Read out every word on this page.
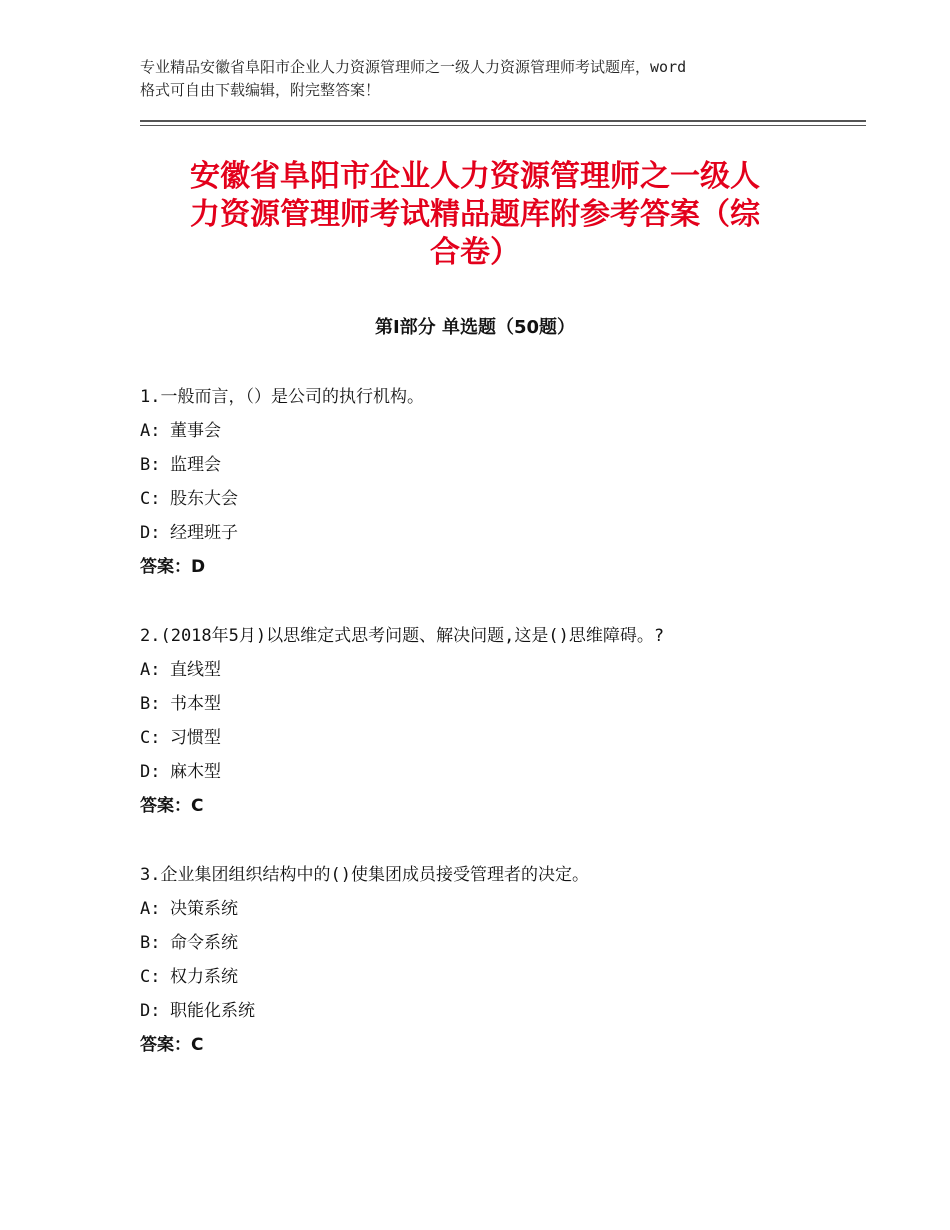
专业精品安徽省阜阳市企业人力资源管理师之一级人力资源管理师考试题库，word
格式可自由下载编辑，附完整答案！
安徽省阜阳市企业人力资源管理师之一级人
力资源管理师考试精品题库附参考答案（综
合卷）
第Ⅰ部分 单选题（50题）
1.一般而言，（）是公司的执行机构。
A: 董事会
B: 监理会
C: 股东大会
D: 经理班子
答案：D
2.(2018年5月)以思维定式思考问题、解决问题,这是()思维障碍。?
A: 直线型
B: 书本型
C: 习惯型
D: 麻木型
答案：C
3.企业集团组织结构中的()使集团成员接受管理者的决定。
A: 决策系统
B: 命令系统
C: 权力系统
D: 职能化系统
答案：C
